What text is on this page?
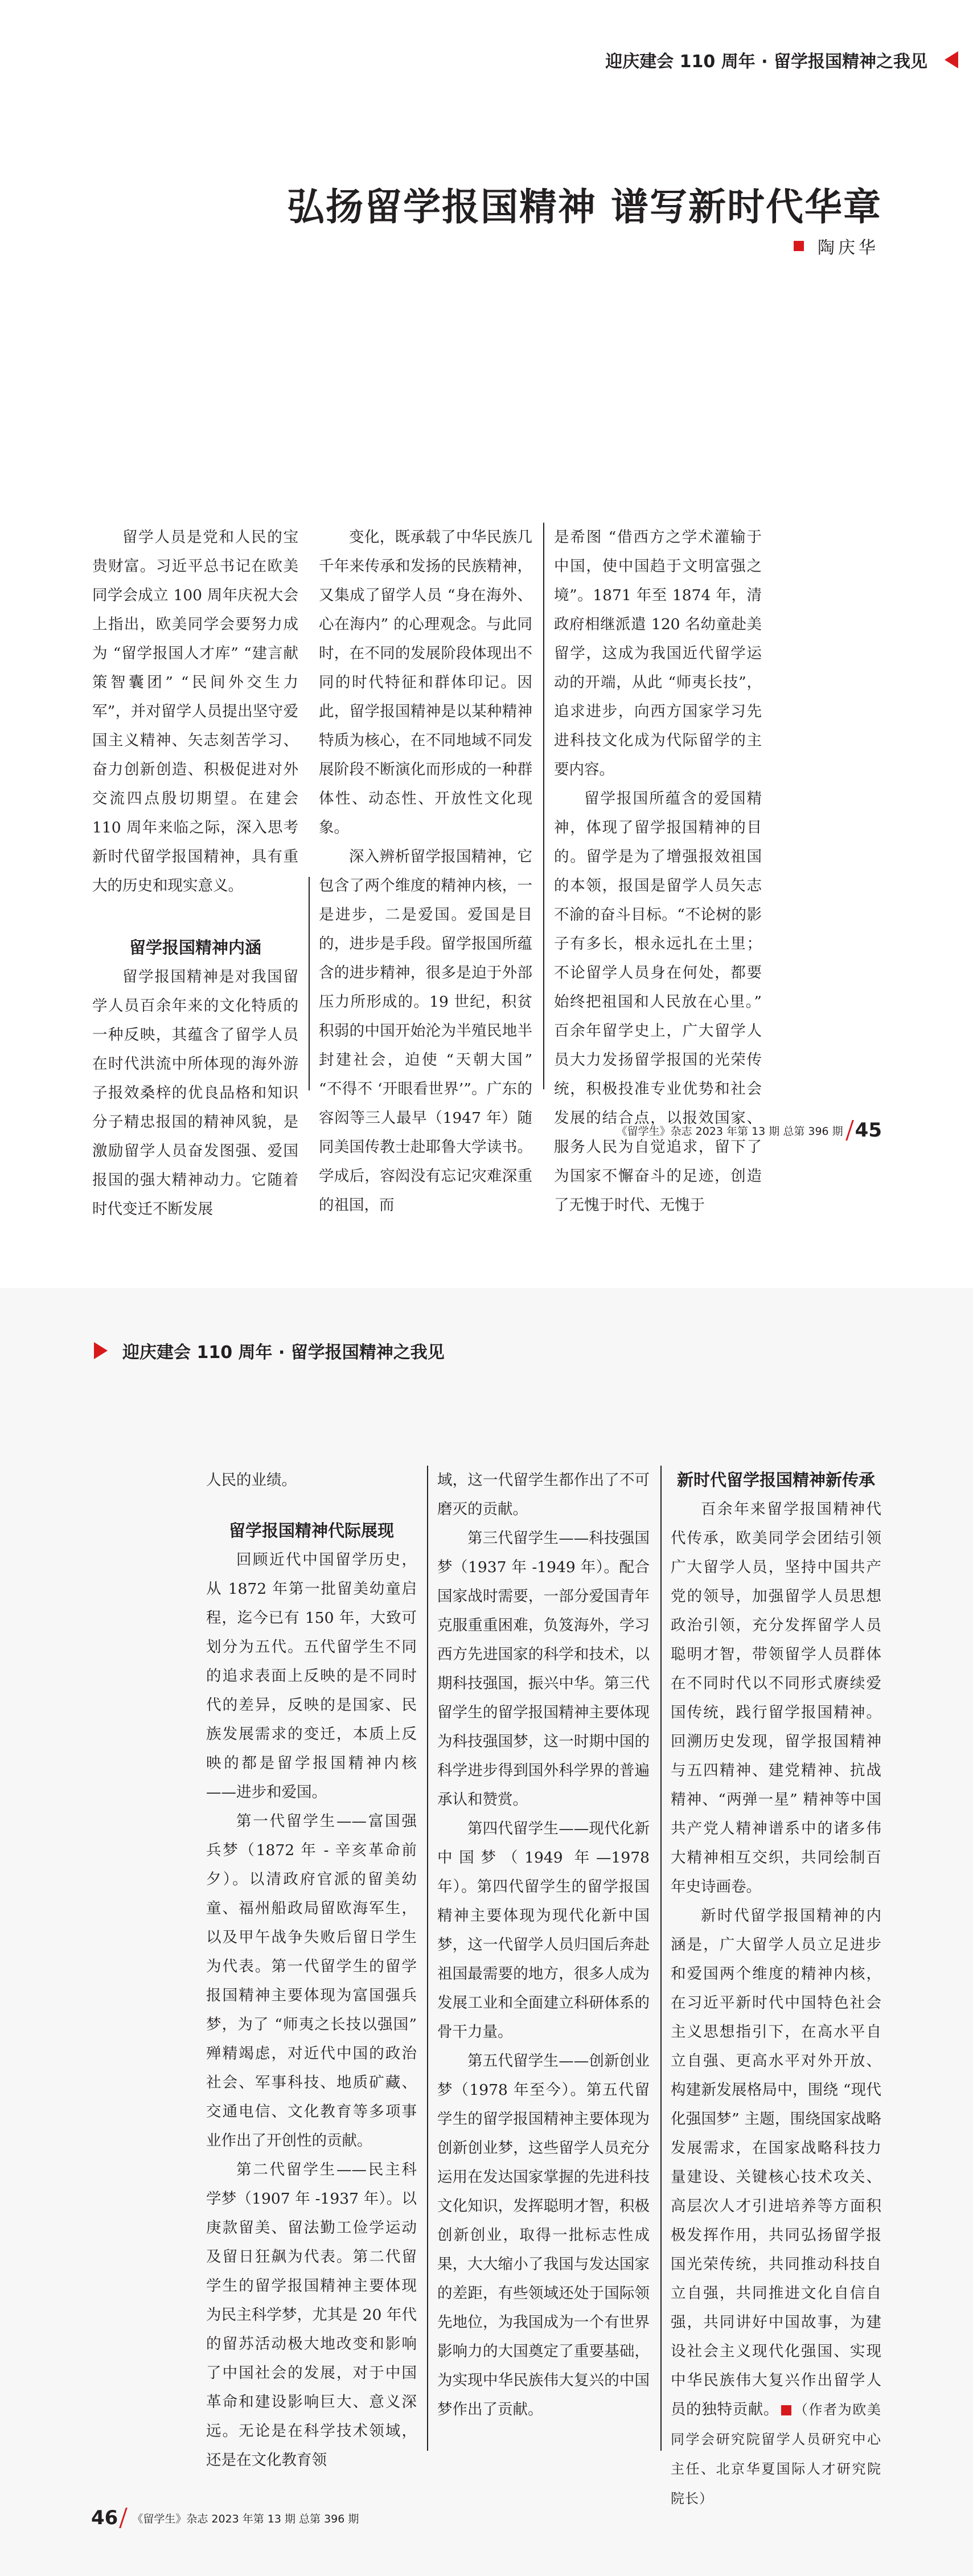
迎庆建会 110 周年 · 留学报国精神之我见
弘扬留学报国精神 谱写新时代华章
陶庆华

留学人员是党和人民的宝贵财富。习近平总书记在欧美同学会成立 100 周年庆祝大会上指出，欧美同学会要努力成为 “留学报国人才库” “建言献策智囊团” “民间外交生力军”，并对留学人员提出坚守爱国主义精神、矢志刻苦学习、奋力创新创造、积极促进对外交流四点殷切期望。在建会 110 周年来临之际，深入思考新时代留学报国精神，具有重大的历史和现实意义。

留学报国精神内涵

留学报国精神是对我国留学人员百余年来的文化特质的一种反映，其蕴含了留学人员在时代洪流中所体现的海外游子报效桑梓的优良品格和知识分子精忠报国的精神风貌，是激励留学人员奋发图强、爱国报国的强大精神动力。它随着时代变迁不断发展

变化，既承载了中华民族几千年来传承和发扬的民族精神，又集成了留学人员 “身在海外、心在海内” 的心理观念。与此同时，在不同的发展阶段体现出不同的时代特征和群体印记。因此，留学报国精神是以某种精神特质为核心，在不同地域不同发展阶段不断演化而形成的一种群体性、动态性、开放性文化现象。

深入辨析留学报国精神，它包含了两个维度的精神内核，一是进步，二是爱国。爱国是目的，进步是手段。留学报国所蕴含的进步精神，很多是迫于外部压力所形成的。19 世纪，积贫积弱的中国开始沦为半殖民地半封建社会，迫使 “天朝大国” “不得不 ‘开眼看世界’”。广东的容闳等三人最早（1947 年）随同美国传教士赴耶鲁大学读书。学成后，容闳没有忘记灾难深重的祖国，而

是希图 “借西方之学术灌输于中国，使中国趋于文明富强之境”。1871 年至 1874 年，清政府相继派遣 120 名幼童赴美留学，这成为我国近代留学运动的开端，从此 “师夷长技”，追求进步，向西方国家学习先进科技文化成为代际留学的主要内容。

留学报国所蕴含的爱国精神，体现了留学报国精神的目的。留学是为了增强报效祖国的本领，报国是留学人员矢志不渝的奋斗目标。“不论树的影子有多长，根永远扎在土里；不论留学人员身在何处，都要始终把祖国和人民放在心里。” 百余年留学史上，广大留学人员大力发扬留学报国的光荣传统，积极投准专业优势和社会发展的结合点，以报效国家、服务人民为自觉追求，留下了为国家不懈奋斗的足迹，创造了无愧于时代、无愧于

《留学生》杂志 2023 年第 13 期 总第 396 期 45
迎庆建会 110 周年 · 留学报国精神之我见

人民的业绩。

留学报国精神代际展现

回顾近代中国留学历史，从 1872 年第一批留美幼童启程，迄今已有 150 年，大致可划分为五代。五代留学生不同的追求表面上反映的是不同时代的差异，反映的是国家、民族发展需求的变迁，本质上反映的都是留学报国精神内核——进步和爱国。

第一代留学生——富国强兵梦（1872 年 - 辛亥革命前夕）。以清政府官派的留美幼童、福州船政局留欧海军生，以及甲午战争失败后留日学生为代表。第一代留学生的留学报国精神主要体现为富国强兵梦，为了 “师夷之长技以强国” 殚精竭虑，对近代中国的政治社会、军事科技、地质矿藏、交通电信、文化教育等多项事业作出了开创性的贡献。

第二代留学生——民主科学梦（1907 年 -1937 年）。以庚款留美、留法勤工俭学运动及留日狂飙为代表。第二代留学生的留学报国精神主要体现为民主科学梦，尤其是 20 年代的留苏活动极大地改变和影响了中国社会的发展，对于中国革命和建设影响巨大、意义深远。无论是在科学技术领域，还是在文化教育领

域，这一代留学生都作出了不可磨灭的贡献。

第三代留学生——科技强国梦（1937 年 -1949 年）。配合国家战时需要，一部分爱国青年克服重重困难，负笈海外，学习西方先进国家的科学和技术，以期科技强国，振兴中华。第三代留学生的留学报国精神主要体现为科技强国梦，这一时期中国的科学进步得到国外科学界的普遍承认和赞赏。

第四代留学生——现代化新中国梦（1949 年—1978 年）。第四代留学生的留学报国精神主要体现为现代化新中国梦，这一代留学人员归国后奔赴祖国最需要的地方，很多人成为发展工业和全面建立科研体系的骨干力量。

第五代留学生——创新创业梦（1978 年至今）。第五代留学生的留学报国精神主要体现为创新创业梦，这些留学人员充分运用在发达国家掌握的先进科技文化知识，发挥聪明才智，积极创新创业，取得一批标志性成果，大大缩小了我国与发达国家的差距，有些领域还处于国际领先地位，为我国成为一个有世界影响力的大国奠定了重要基础，为实现中华民族伟大复兴的中国梦作出了贡献。

新时代留学报国精神新传承

百余年来留学报国精神代代传承，欧美同学会团结引领广大留学人员，坚持中国共产党的领导，加强留学人员思想政治引领，充分发挥留学人员聪明才智，带领留学人员群体在不同时代以不同形式赓续爱国传统，践行留学报国精神。回溯历史发现，留学报国精神与五四精神、建党精神、抗战精神、“两弹一星” 精神等中国共产党人精神谱系中的诸多伟大精神相互交织，共同绘制百年史诗画卷。

新时代留学报国精神的内涵是，广大留学人员立足进步和爱国两个维度的精神内核，在习近平新时代中国特色社会主义思想指引下，在高水平自立自强、更高水平对外开放、构建新发展格局中，围绕 “现代化强国梦” 主题，围绕国家战略发展需求，在国家战略科技力量建设、关键核心技术攻关、高层次人才引进培养等方面积极发挥作用，共同弘扬留学报国光荣传统，共同推动科技自立自强，共同推进文化自信自强，共同讲好中国故事，为建设社会主义现代化强国、实现中华民族伟大复兴作出留学人员的独特贡献。 （作者为欧美同学会研究院留学人员研究中心主任、北京华夏国际人才研究院院长）

46 《留学生》杂志 2023 年第 13 期 总第 396 期
